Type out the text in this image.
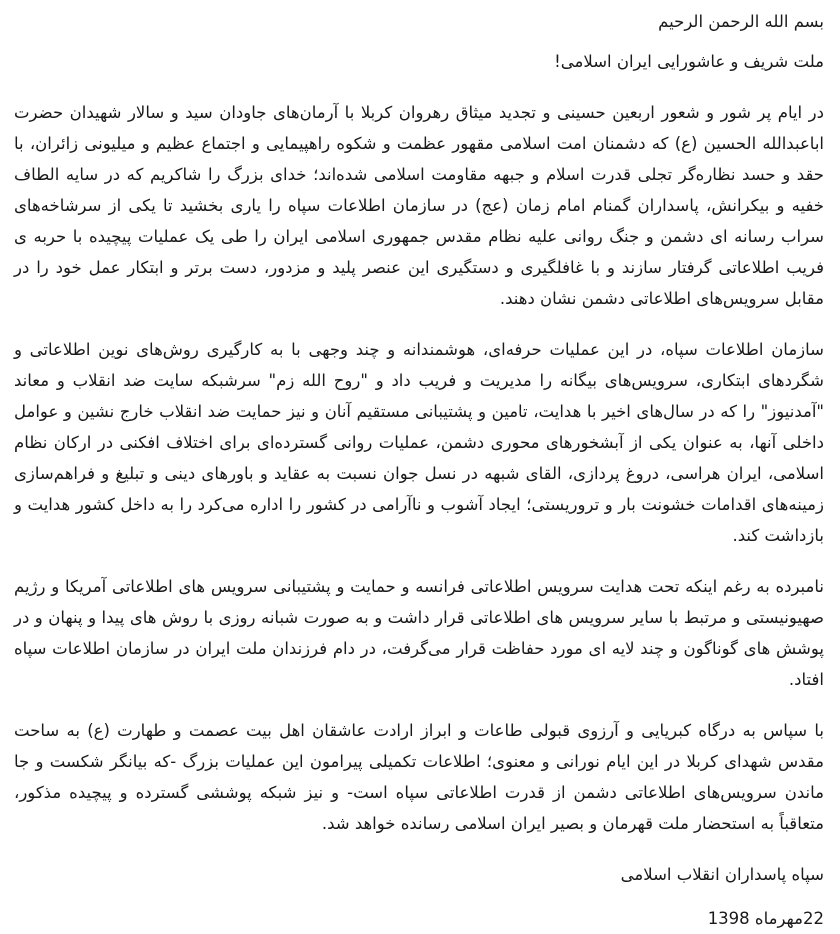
بسم الله الرحمن الرحیم

ملت شریف و عاشورایی ایران اسلامی!

در ایام پر شور و شعور اربعین حسینی و تجدید میثاق رهروان کربلا با آرمان‌های جاودان سید و سالار شهیدان حضرت اباعبدالله الحسین (ع) که دشمنان امت اسلامی مقهور عظمت و شکوه راهپیمایی و اجتماع عظیم و میلیونی زائران، با حقد و حسد نظاره‌گر تجلی قدرت اسلام و جبهه مقاومت اسلامی شده‌اند؛ خدای بزرگ را شاکریم که در سایه الطاف خفیه و بیکرانش، پاسداران گمنام امام زمان (عج) در سازمان اطلاعات سپاه را یاری بخشید تا یکی از سرشاخه‌های سراب رسانه ای دشمن و جنگ روانی علیه نظام مقدس جمهوری اسلامی ایران را طی یک عملیات پیچیده با حربه ی فریب اطلاعاتی گرفتار سازند و با غافلگیری و دستگیری این عنصر پلید و مزدور، دست برتر و ابتکار عمل خود را در مقابل سرویس‌های اطلاعاتی دشمن نشان دهند.

سازمان اطلاعات سپاه، در این عملیات حرفه‌ای، هوشمندانه و چند وجهی با به کارگیری روش‌های نوین اطلاعاتی و شگردهای ابتکاری، سرویس‌های بیگانه را مدیریت و فریب داد و "روح الله زم" سرشبکه سایت ضد انقلاب و معاند "آمدنیوز" را که در سال‌های اخیر با هدایت، تامین و پشتیبانی مستقیم آنان و نیز حمایت ضد انقلاب خارج نشین و عوامل داخلی آنها، به عنوان یکی از آبشخورهای محوری دشمن، عملیات روانی گسترده‌ای برای اختلاف افکنی در ارکان نظام اسلامی، ایران هراسی، دروغ پردازی، القای شبهه در نسل جوان نسبت به عقاید و باورهای دینی و تبلیغ و فراهم‌سازی زمینه‌های اقدامات خشونت بار و تروریستی؛ ایجاد آشوب و ناآرامی در کشور را اداره می‌کرد را به داخل کشور هدایت و بازداشت کند.

نامبرده به رغم اینکه تحت هدایت سرویس اطلاعاتی فرانسه و حمایت و پشتیبانی سرویس های اطلاعاتی آمریکا و رژیم صهیونیستی و مرتبط با سایر سرویس های اطلاعاتی قرار داشت و به صورت شبانه روزی با روش های پیدا و پنهان و در پوشش های گوناگون و چند لایه ای مورد حفاظت قرار می‌گرفت، در دام فرزندان ملت ایران در سازمان اطلاعات سپاه افتاد.

با سپاس به درگاه کبریایی و آرزوی قبولی طاعات و ابراز ارادت عاشقان اهل بیت عصمت و طهارت (ع) به ساحت مقدس شهدای کربلا در این ایام نورانی و معنوی؛ اطلاعات تکمیلی پیرامون این عملیات بزرگ -که بیانگر شکست و جا ماندن سرویس‌های اطلاعاتی دشمن از قدرت اطلاعاتی سپاه است- و نیز شبکه پوششی گسترده و پیچیده مذکور، متعاقباً به استحضار ملت قهرمان و بصیر ایران اسلامی رسانده خواهد شد.

سپاه پاسداران انقلاب اسلامی

22مهرماه 1398
